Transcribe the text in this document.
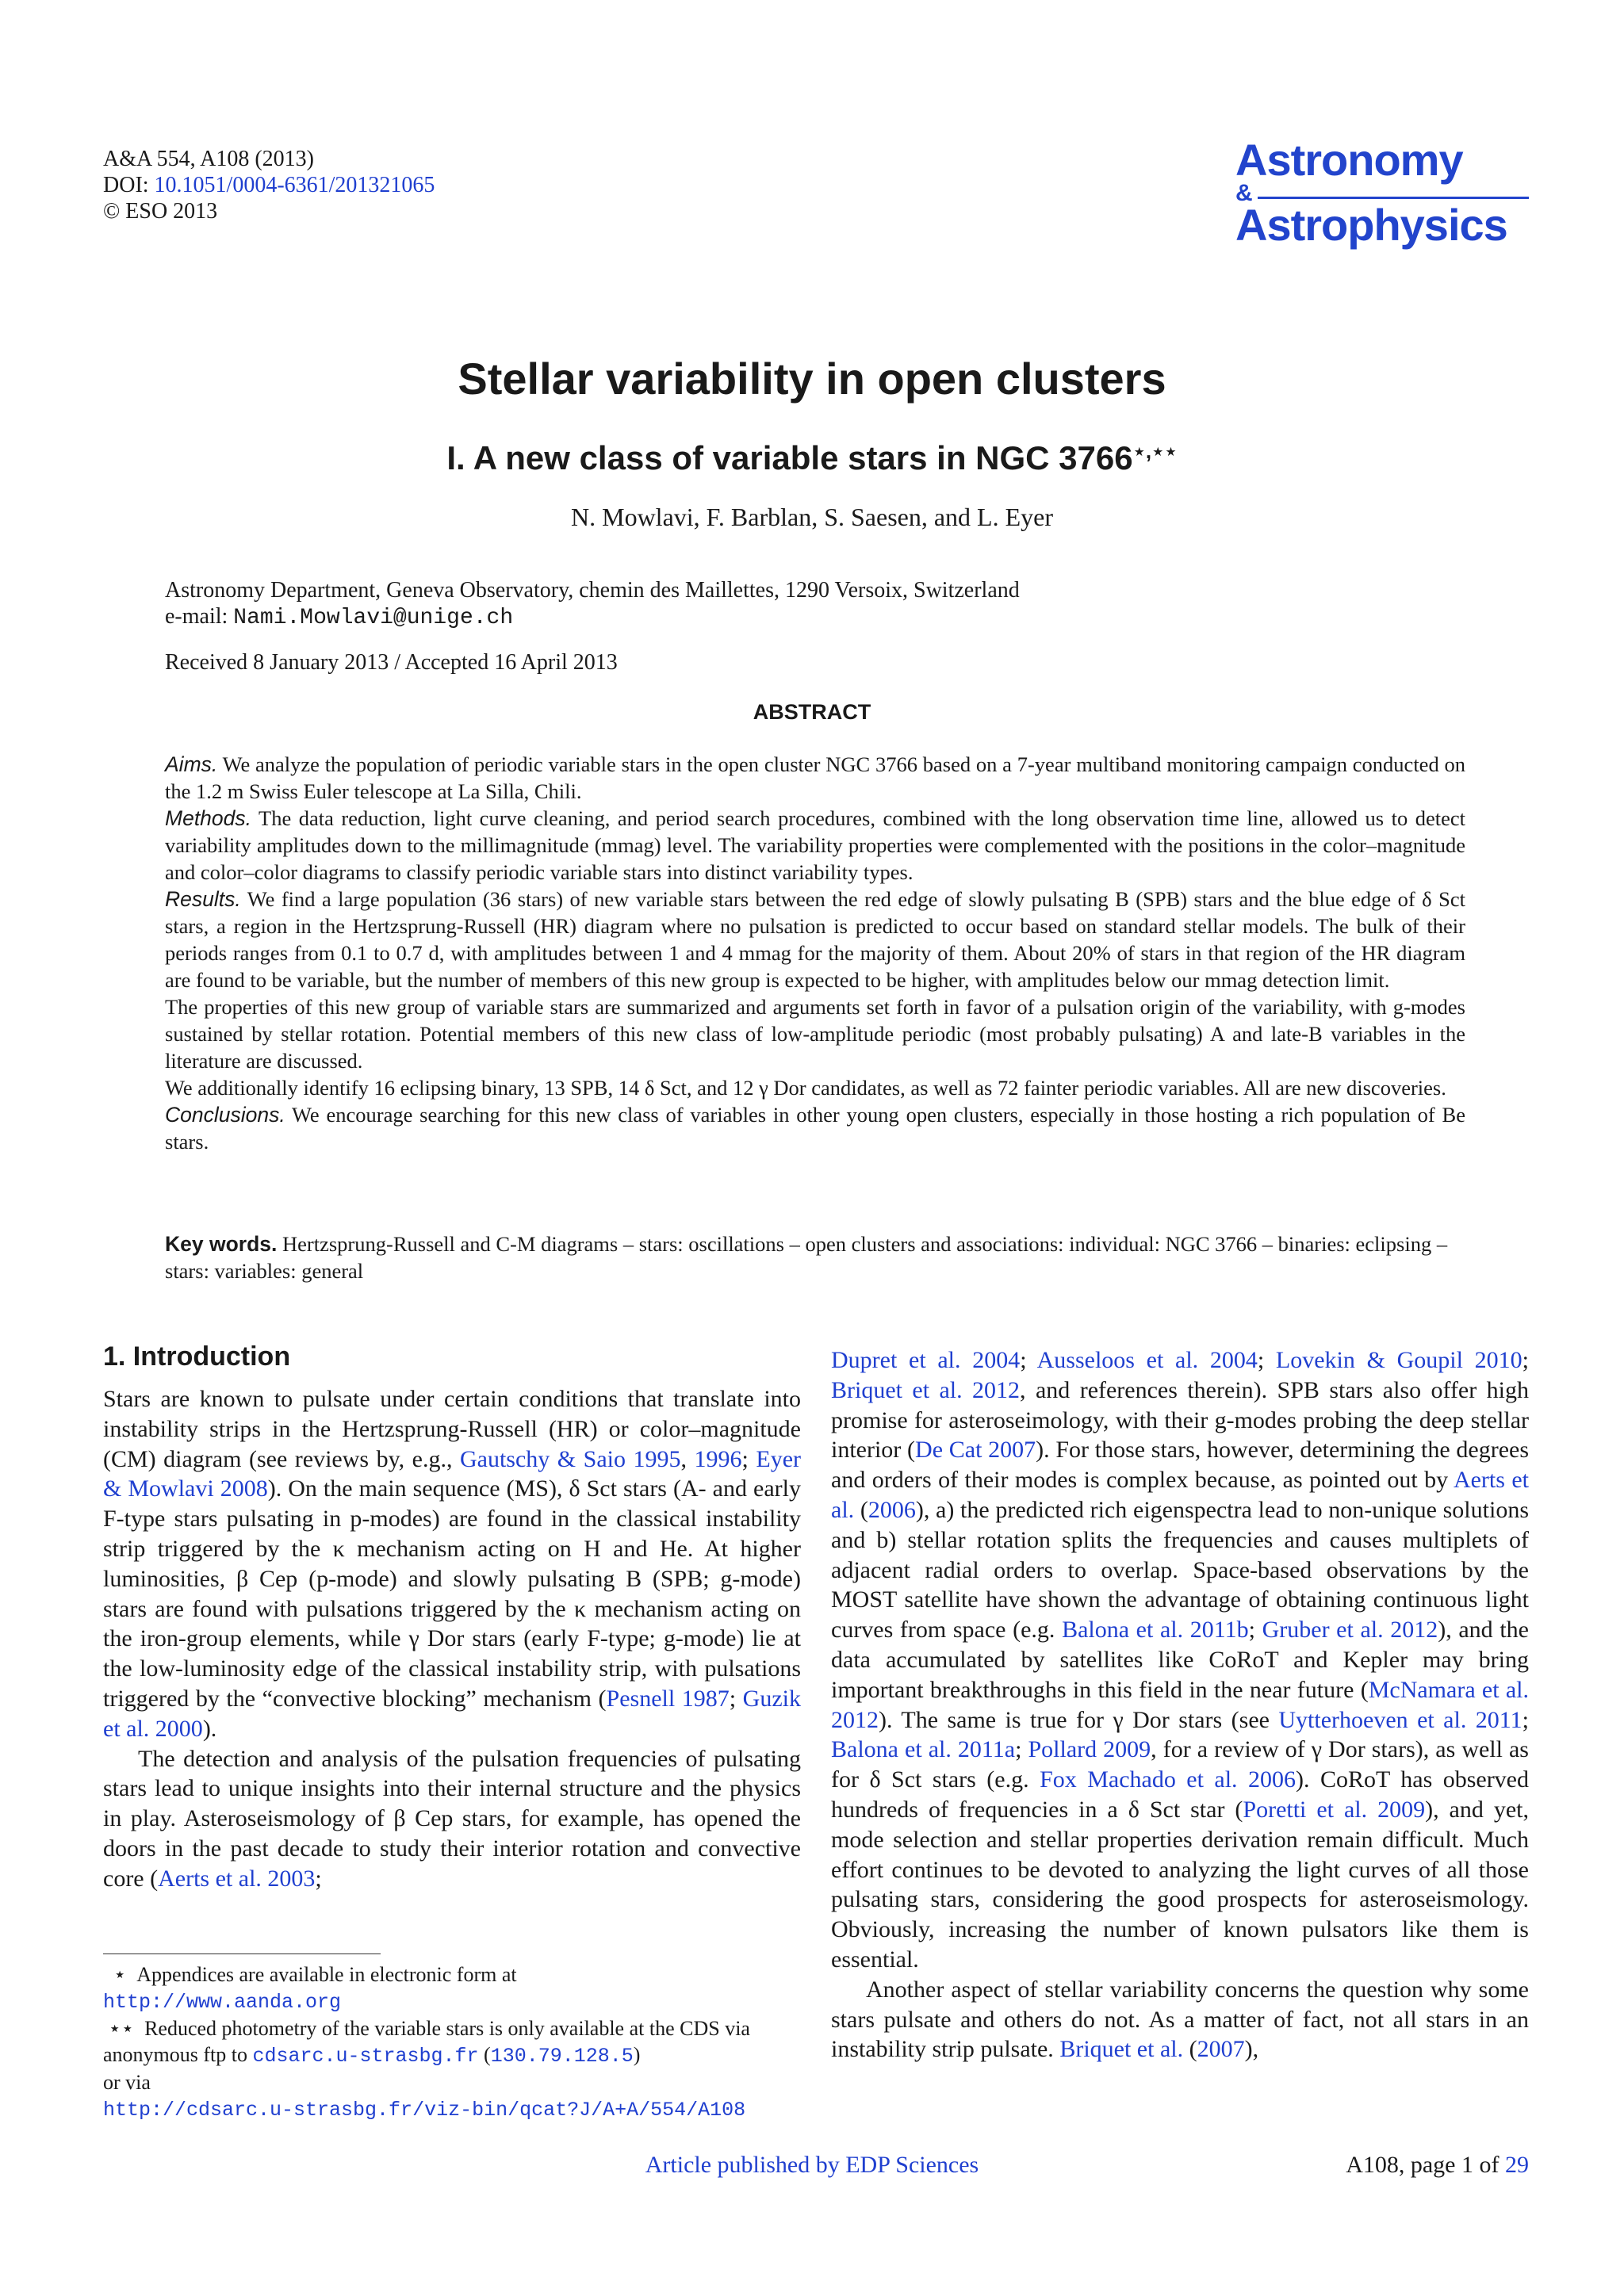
A&A 554, A108 (2013)
DOI: 10.1051/0004-6361/201321065
© ESO 2013
Astronomy
&
Astrophysics
Stellar variability in open clusters
I. A new class of variable stars in NGC 3766⋆,⋆⋆
N. Mowlavi, F. Barblan, S. Saesen, and L. Eyer
Astronomy Department, Geneva Observatory, chemin des Maillettes, 1290 Versoix, Switzerland
e-mail: Nami.Mowlavi@unige.ch
Received 8 January 2013 / Accepted 16 April 2013
ABSTRACT

Aims. We analyze the population of periodic variable stars in the open cluster NGC 3766 based on a 7-year multiband monitoring campaign conducted on the 1.2 m Swiss Euler telescope at La Silla, Chili.

Methods. The data reduction, light curve cleaning, and period search procedures, combined with the long observation time line, allowed us to detect variability amplitudes down to the millimagnitude (mmag) level. The variability properties were complemented with the positions in the color–magnitude and color–color diagrams to classify periodic variable stars into distinct variability types.

Results. We find a large population (36 stars) of new variable stars between the red edge of slowly pulsating B (SPB) stars and the blue edge of δ Sct stars, a region in the Hertzsprung-Russell (HR) diagram where no pulsation is predicted to occur based on standard stellar models. The bulk of their periods ranges from 0.1 to 0.7 d, with amplitudes between 1 and 4 mmag for the majority of them. About 20% of stars in that region of the HR diagram are found to be variable, but the number of members of this new group is expected to be higher, with amplitudes below our mmag detection limit.

The properties of this new group of variable stars are summarized and arguments set forth in favor of a pulsation origin of the variability, with g-modes sustained by stellar rotation. Potential members of this new class of low-amplitude periodic (most probably pulsating) A and late-B variables in the literature are discussed.

We additionally identify 16 eclipsing binary, 13 SPB, 14 δ Sct, and 12 γ Dor candidates, as well as 72 fainter periodic variables. All are new discoveries.

Conclusions. We encourage searching for this new class of variables in other young open clusters, especially in those hosting a rich population of Be stars.

Key words. Hertzsprung-Russell and C-M diagrams – stars: oscillations – open clusters and associations: individual: NGC 3766 – binaries: eclipsing – stars: variables: general
1. Introduction

Stars are known to pulsate under certain conditions that translate into instability strips in the Hertzsprung-Russell (HR) or color–magnitude (CM) diagram (see reviews by, e.g., Gautschy & Saio 1995, 1996; Eyer & Mowlavi 2008). On the main sequence (MS), δ Sct stars (A- and early F-type stars pulsating in p-modes) are found in the classical instability strip triggered by the κ mechanism acting on H and He. At higher luminosities, β Cep (p-mode) and slowly pulsating B (SPB; g-mode) stars are found with pulsations triggered by the κ mechanism acting on the iron-group elements, while γ Dor stars (early F-type; g-mode) lie at the low-luminosity edge of the classical instability strip, with pulsations triggered by the “convective blocking” mechanism (Pesnell 1987; Guzik et al. 2000).

The detection and analysis of the pulsation frequencies of pulsating stars lead to unique insights into their internal structure and the physics in play. Asteroseismology of β Cep stars, for example, has opened the doors in the past decade to study their interior rotation and convective core (Aerts et al. 2003;

⋆ Appendices are available in electronic form at

http://www.aanda.org

⋆⋆ Reduced photometry of the variable stars is only available at the CDS via anonymous ftp to cdsarc.u-strasbg.fr (130.79.128.5)

or via

http://cdsarc.u-strasbg.fr/viz-bin/qcat?J/A+A/554/A108

Dupret et al. 2004; Ausseloos et al. 2004; Lovekin & Goupil 2010; Briquet et al. 2012, and references therein). SPB stars also offer high promise for asteroseimology, with their g-modes probing the deep stellar interior (De Cat 2007). For those stars, however, determining the degrees and orders of their modes is complex because, as pointed out by Aerts et al. (2006), a) the predicted rich eigenspectra lead to non-unique solutions and b) stellar rotation splits the frequencies and causes multiplets of adjacent radial orders to overlap. Space-based observations by the MOST satellite have shown the advantage of obtaining continuous light curves from space (e.g. Balona et al. 2011b; Gruber et al. 2012), and the data accumulated by satellites like CoRoT and Kepler may bring important breakthroughs in this field in the near future (McNamara et al. 2012). The same is true for γ Dor stars (see Uytterhoeven et al. 2011; Balona et al. 2011a; Pollard 2009, for a review of γ Dor stars), as well as for δ Sct stars (e.g. Fox Machado et al. 2006). CoRoT has observed hundreds of frequencies in a δ Sct star (Poretti et al. 2009), and yet, mode selection and stellar properties derivation remain difficult. Much effort continues to be devoted to analyzing the light curves of all those pulsating stars, considering the good prospects for asteroseismology. Obviously, increasing the number of known pulsators like them is essential.

Another aspect of stellar variability concerns the question why some stars pulsate and others do not. As a matter of fact, not all stars in an instability strip pulsate. Briquet et al. (2007),

Article published by EDP Sciences	A108, page 1 of 29
